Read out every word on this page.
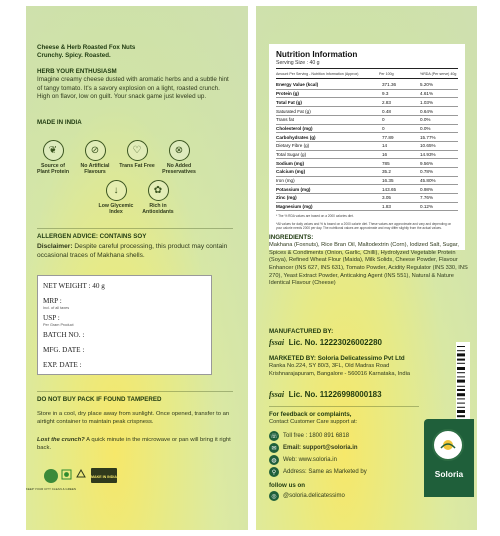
Cheese & Herb Roasted Fox Nuts
Crunchy. Spicy. Roasted.
HERB YOUR ENTHUSIASM
Imagine creamy cheese dusted with aromatic herbs and a subtle hint of tangy tomato. It's a savory explosion on a light, roasted crunch. High on flavor, low on guilt. Your snack game just leveled up.
MADE IN INDIA
❦
Source of Plant Protein
⊘
No Artificial Flavours
♡
Trans Fat Free
⊗
No Added Preservatives
↓
Low Glycemic Index
✿
Rich in Antioxidants
ALLERGEN ADVICE: CONTAINS SOY
Disclaimer: Despite careful processing, this product may contain occasional traces of Makhana shells.
NET WEIGHT : 40 g
MRP :
Incl. of all taxes
USP :
Per Gram Product
BATCH NO. :
MFG. DATE :
EXP. DATE :
DO NOT BUY PACK IF FOUND TAMPERED
Store in a cool, dry place away from sunlight. Once opened, transfer to an airtight container to maintain peak crispness.
Lost the crunch? A quick minute in the microwave or pan will bring it right back.
KEEP YOUR CITY CLEAN & GREEN
MAKE IN INDIA
Nutrition Information
Serving Size : 40 g
Amount Per Serving - Nutrition Information (Approx)	Per 100g	%RDA (Per serve) 40g
Energy Value (kcal)	371.36	5.20%
Protein (g)	9.3	4.61%
Total Fat (g)	2.83	1.03%
Saturated Fat (g)	0.48	0.64%
Trans fat	0	0.0%
Cholesterol (mg)	0	0.0%
Carbohydrates (g)	77.89	15.77%
Dietary Fibre (g)	14	10.65%
Total Sugar (g)	16	14.93%
Sodium (mg)	785	9.56%
Calcium (mg)	35.2	0.78%
Iron (mg)	16.35	45.80%
Potassium (mg)	143.65	0.98%
Zinc (mg)	3.05	7.76%
Magnesium (mg)	1.83	0.12%
* The % RDA values are based on a 2000 calories diet.
*All values for daily values and % is based on a 2000 calorie diet. These values are approximate and vary and depending on your calorie needs 2000 per day. The nutritional values are approximate and may differ slightly from the actual values.
INGREDIENTS:
Makhana (Foxnuts), Rice Bran Oil, Maltodextrin (Corn), Iodized Salt, Sugar, Spices & Condiments (Onion, Garlic, Chilli), Hydrolyzed Vegetable Protein (Soya), Refined Wheat Flour (Maida), Milk Solids, Cheese Powder, Flavour Enhancer (INS 627, INS 631), Tomato Powder, Acidity Regulator (INS 330, INS 270), Yeast Extract Powder, Anticaking Agent (INS 551), Natural & Nature Identical Flavour (Cheese)
MANUFACTURED BY:
fssai Lic. No. 12223026002280
MARKETED BY: Soloria Delicatessimo Pvt Ltd
Ranka No.224, SY 80/3, 3FL, Old Madras Road Krishnarajapuram, Bangalore - 560016 Karnataka, India
fssai Lic. No. 11226998000183
For feedback or complaints,
Contact Customer Care support at:
☏ Toll free : 1800 891 6818
✉	Email: support@soloria.in
◍	Web: www.soloria.in
⚲	Address: Same as Marketed by
follow us on
◎	@soloria.delicatessimo
Soloria
